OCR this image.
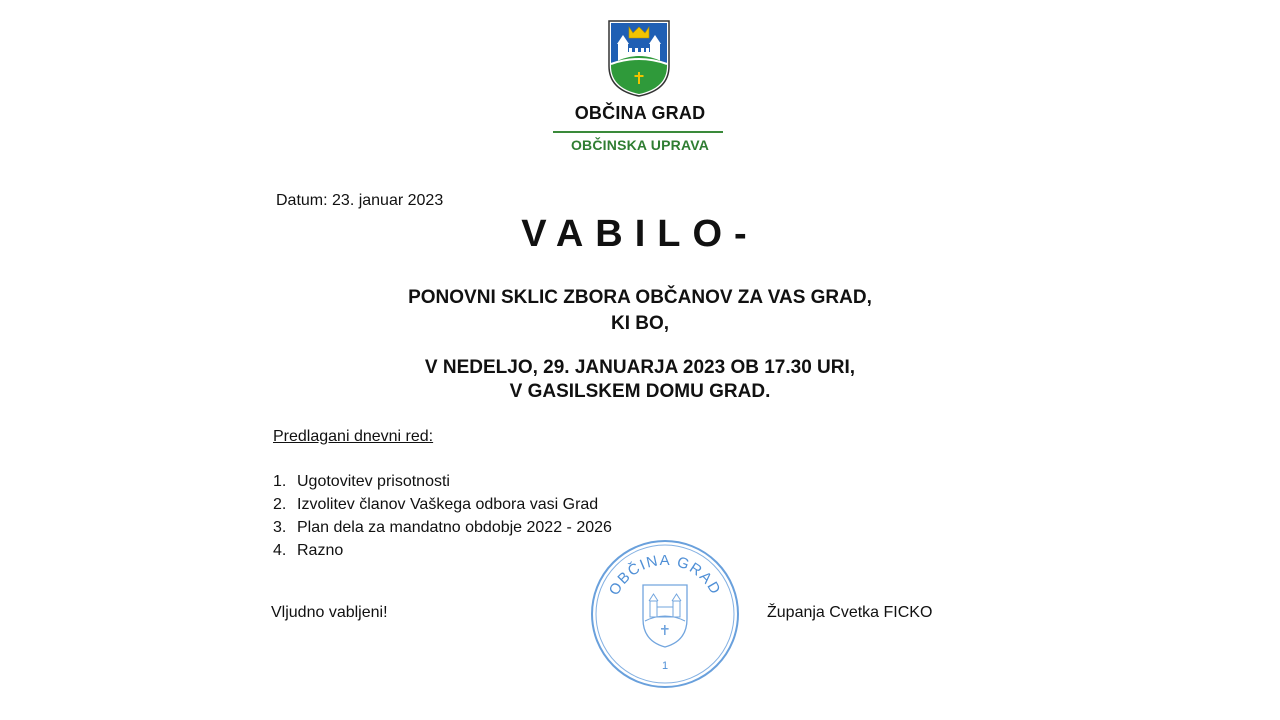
OBČINA GRAD
OBČINSKA UPRAVA
Datum: 23. januar 2023
VABILO-
PONOVNI SKLIC ZBORA OBČANOV ZA VAS GRAD,
KI BO,
V NEDELJO, 29. JANUARJA 2023 OB 17.30 URI,
V GASILSKEM DOMU GRAD.
Predlagani dnevni red:
1. Ugotovitev prisotnosti
2. Izvolitev članov Vaškega odbora vasi Grad
3. Plan dela za mandatno obdobje 2022 - 2026
4. Razno
Vljudno vabljeni!
OBČINA GRAD
1
Županja Cvetka FICKO
